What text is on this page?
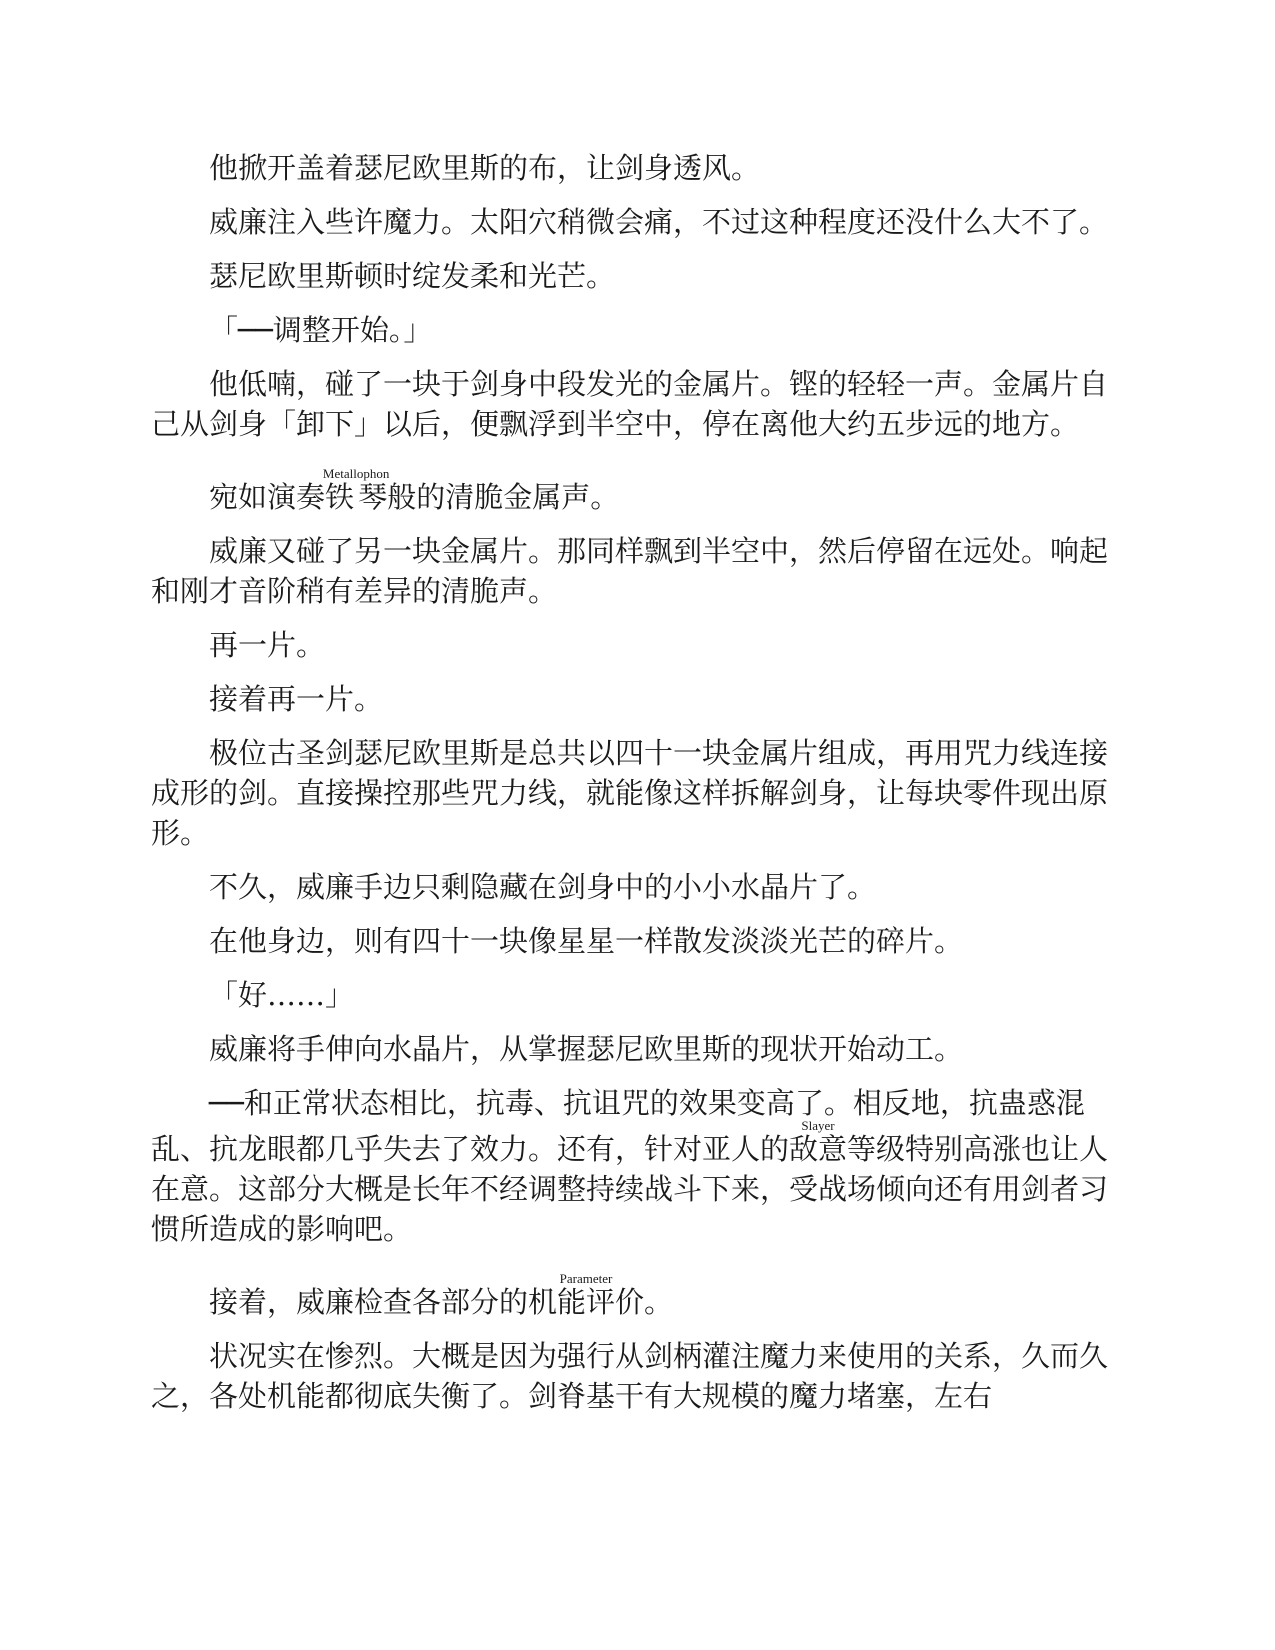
他掀开盖着瑟尼欧里斯的布，让剑身透风。

威廉注入些许魔力。太阳穴稍微会痛，不过这种程度还没什么大不了。

瑟尼欧里斯顿时绽发柔和光芒。

「──调整开始。」

他低喃，碰了一块于剑身中段发光的金属片。铿的轻轻一声。金属片自己从剑身「卸下」以后，便飘浮到半空中，停在离他大约五步远的地方。

宛如演奏铁琴Metallophon般的清脆金属声。

威廉又碰了另一块金属片。那同样飘到半空中，然后停留在远处。响起和刚才音阶稍有差异的清脆声。

再一片。

接着再一片。

极位古圣剑瑟尼欧里斯是总共以四十一块金属片组成，再用咒力线连接成形的剑。直接操控那些咒力线，就能像这样拆解剑身，让每块零件现出原形。

不久，威廉手边只剩隐藏在剑身中的小小水晶片了。

在他身边，则有四十一块像星星一样散发淡淡光芒的碎片。

「好……」

威廉将手伸向水晶片，从掌握瑟尼欧里斯的现状开始动工。

──和正常状态相比，抗毒、抗诅咒的效果变高了。相反地，抗蛊惑混乱、抗龙眼都几乎失去了效力。还有，针对亚人的敌意Slayer等级特别高涨也让人在意。这部分大概是长年不经调整持续战斗下来，受战场倾向还有用剑者习惯所造成的影响吧。

接着，威廉检查各部分的机能评价Parameter。

状况实在惨烈。大概是因为强行从剑柄灌注魔力来使用的关系，久而久之，各处机能都彻底失衡了。剑脊基干有大规模的魔力堵塞，左右
